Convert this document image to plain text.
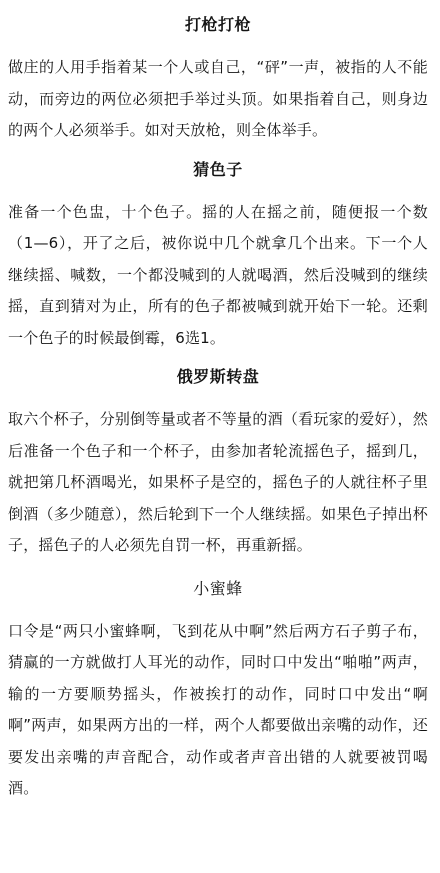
打枪打枪

做庄的人用手指着某一个人或自己，“砰”一声，被指的人不能动，而旁边的两位必须把手举过头顶。如果指着自己，则身边的两个人必须举手。如对天放枪，则全体举手。

猜色子

准备一个色盅，十个色子。摇的人在摇之前，随便报一个数（1—6），开了之后，被你说中几个就拿几个出来。下一个人继续摇、喊数，一个都没喊到的人就喝酒，然后没喊到的继续摇，直到猜对为止，所有的色子都被喊到就开始下一轮。还剩一个色子的时候最倒霉，6选1。

俄罗斯转盘

取六个杯子，分别倒等量或者不等量的酒（看玩家的爱好），然后准备一个色子和一个杯子，由参加者轮流摇色子，摇到几，就把第几杯酒喝光，如果杯子是空的，摇色子的人就往杯子里倒酒（多少随意），然后轮到下一个人继续摇。如果色子掉出杯子，摇色子的人必须先自罚一杯，再重新摇。

小蜜蜂

口令是“两只小蜜蜂啊，飞到花从中啊”然后两方石子剪子布，猜赢的一方就做打人耳光的动作，同时口中发出“啪啪”两声，输的一方要顺势摇头，作被挨打的动作，同时口中发出“啊啊”两声，如果两方出的一样，两个人都要做出亲嘴的动作，还要发出亲嘴的声音配合，动作或者声音出错的人就要被罚喝酒。
